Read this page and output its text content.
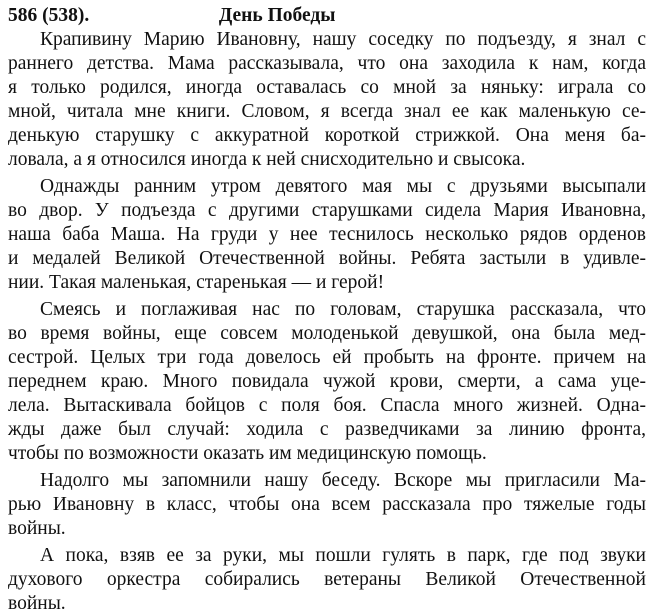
586 (538).	День Победы
Крапивину Марию Ивановну, нашу соседку по подъезду, я знал с
раннего детства. Мама рассказывала, что она заходила к нам, когда
я только родился, иногда оставалась со мной за няньку: играла со
мной, читала мне книги. Словом, я всегда знал ее как маленькую се-
денькую старушку с аккуратной короткой стрижкой. Она меня ба-
ловала, а я относился иногда к ней снисходительно и свысока.
Однажды ранним утром девятого мая мы с друзьями высыпали
во двор. У подъезда с другими старушками сидела Мария Ивановна,
наша баба Маша. На груди у нее теснилось несколько рядов орденов
и медалей Великой Отечественной войны. Ребята застыли в удивле-
нии. Такая маленькая, старенькая — и герой!
Смеясь и поглаживая нас по головам, старушка рассказала, что
во время войны, еще совсем молоденькой девушкой, она была мед-
сестрой. Целых три года довелось ей пробыть на фронте. причем на
переднем краю. Много повидала чужой крови, смерти, а сама уце-
лела. Вытаскивала бойцов с поля боя. Спасла много жизней. Одна-
жды даже был случай: ходила с разведчиками за линию фронта,
чтобы по возможности оказать им медицинскую помощь.
Надолго мы запомнили нашу беседу. Вскоре мы пригласили Ма-
рью Ивановну в класс, чтобы она всем рассказала про тяжелые годы
войны.
А пока, взяв ее за руки, мы пошли гулять в парк, где под звуки
духового оркестра собирались ветераны Великой Отечественной
войны.
